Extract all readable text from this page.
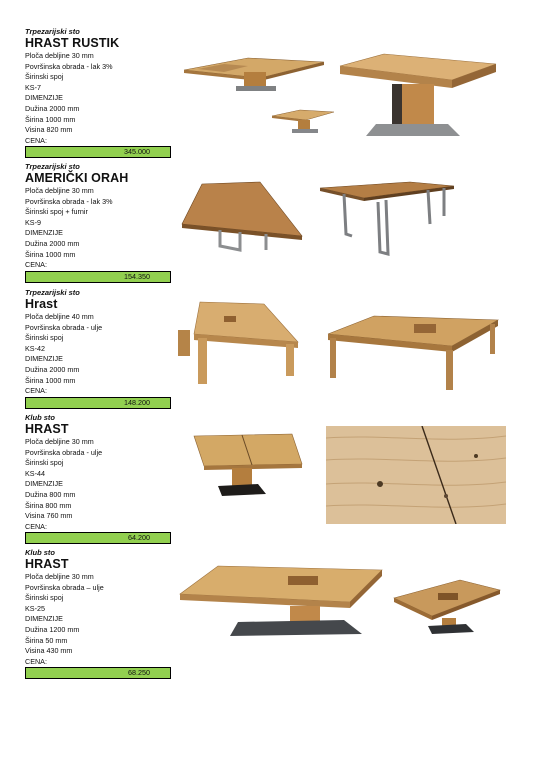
Trpezarijski sto
HRAST RUSTIK
Ploča debljine 30 mm
Površinska obrada - lak 3%
Širinski spoj
KS-7
DIMENZIJE
Dužina 2000 mm
Širina 1000 mm
Visina 820 mm
CENA:
345.000
Trpezarijski sto
AMERIČKI ORAH
Ploča debljine 30 mm
Površinska obrada - lak 3%
Širinski spoj + furnir
KS-9
DIMENZIJE
Dužina 2000 mm
Širina 1000 mm
CENA:
154.350
Trpezarijski sto
Hrast
Ploča debljine 40 mm
Površinska obrada - ulje
Širinski spoj
KS-42
DIMENZIJE
Dužina 2000 mm
Širina 1000 mm
CENA:
148.200
Klub sto
HRAST
Ploča debljine 30 mm
Površinska obrada - ulje
Širinski spoj
KS-44
DIMENZIJE
Dužina 800 mm
Širina 800 mm
Visina 760 mm
CENA:
64.200
Klub sto
HRAST
Ploča debljine 30 mm
Površinska obrada – ulje
Širinski spoj
KS-25
DIMENZIJE
Dužina 1200 mm
Širina 50 mm
Visina 430 mm
CENA:
68.250
